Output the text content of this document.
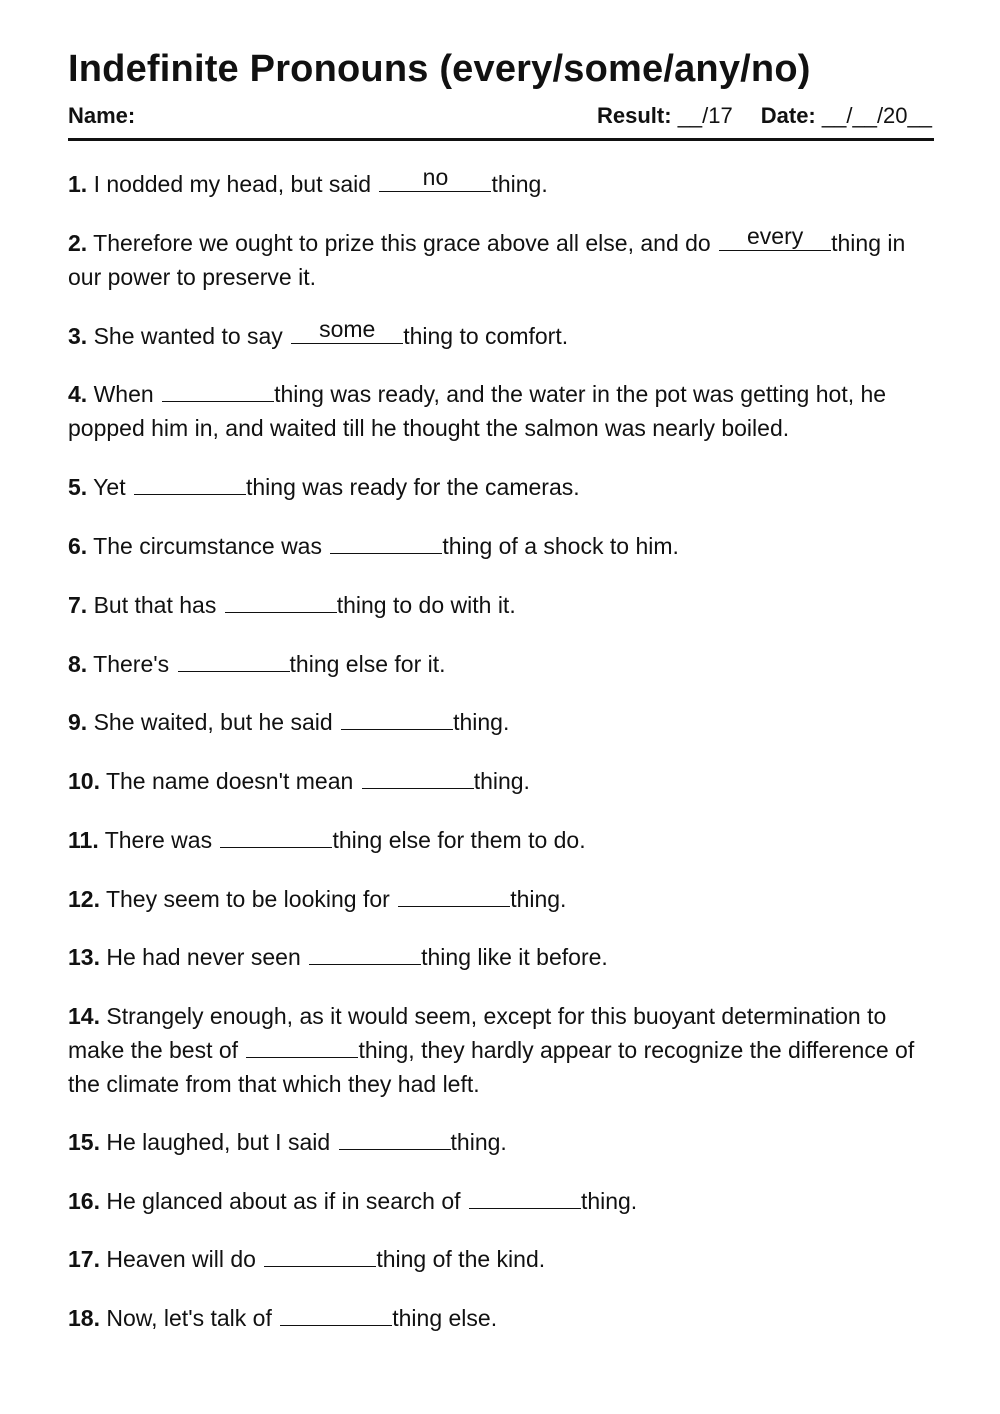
Indefinite Pronouns (every/some/any/no)
Name:	Result: __/17 Date: __/__/20__

1. I nodded my head, but said	no	thing.

2. Therefore we ought to prize this grace above all else, and do	every	thing in our power to preserve it.

3. She wanted to say	some	thing to comfort.

4. When	thing was ready, and the water in the pot was getting hot, he popped him in, and waited till he thought the salmon was nearly boiled.

5. Yet	thing was ready for the cameras.

6. The circumstance was	thing of a shock to him.

7. But that has	thing to do with it.

8. There's	thing else for it.

9. She waited, but he said	thing.

10. The name doesn't mean	thing.

11. There was	thing else for them to do.

12. They seem to be looking for	thing.

13. He had never seen	thing like it before.

14. Strangely enough, as it would seem, except for this buoyant determination to make the best of	thing, they hardly appear to recognize the difference of the climate from that which they had left.

15. He laughed, but I said	thing.

16. He glanced about as if in search of	thing.

17. Heaven will do	thing of the kind.

18. Now, let's talk of	thing else.
